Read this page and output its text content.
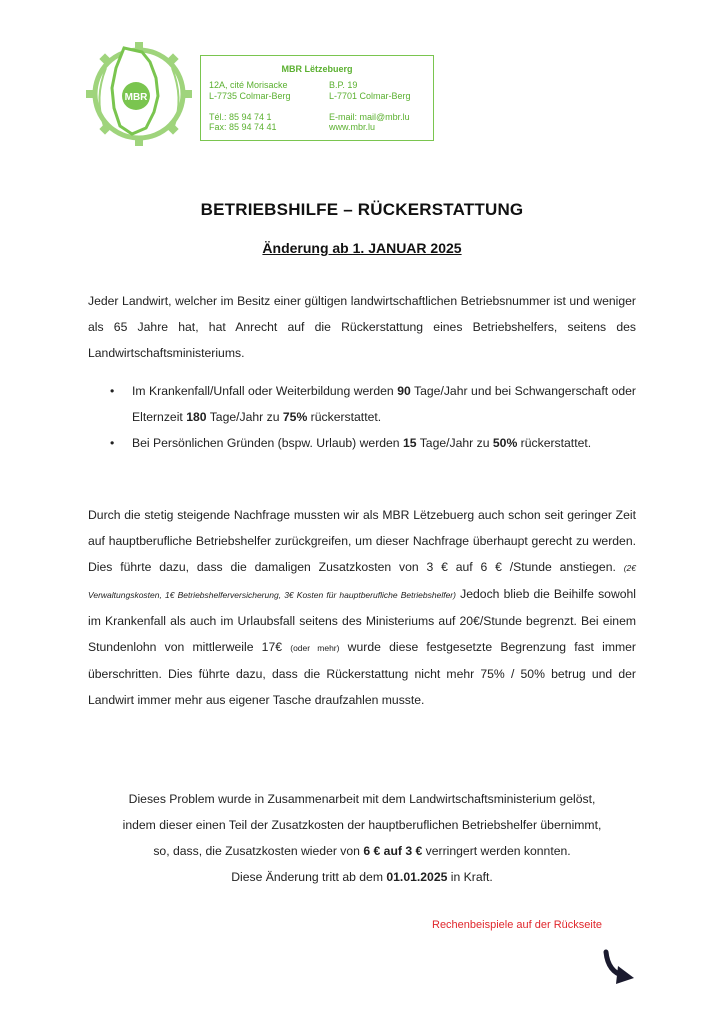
MBR
MBR Lëtzebuerg
12A, cité Morisacke
L-7735 Colmar-Berg

Tél.: 85 94 74 1
Fax: 85 94 74 41
B.P. 19
L-7701 Colmar-Berg

E-mail: mail@mbr.lu
www.mbr.lu
BETRIEBSHILFE – RÜCKERSTATTUNG
Änderung ab 1. JANUAR 2025
Jeder Landwirt, welcher im Besitz einer gültigen landwirtschaftlichen Betriebsnummer ist und weniger als 65 Jahre hat, hat Anrecht auf die Rückerstattung eines Betriebshelfers, seitens des Landwirtschaftsministeriums.
• Im Krankenfall/Unfall oder Weiterbildung werden 90 Tage/Jahr und bei Schwangerschaft oder Elternzeit 180 Tage/Jahr zu 75% rückerstattet.
• Bei Persönlichen Gründen (bspw. Urlaub) werden 15 Tage/Jahr zu 50% rückerstattet.
Durch die stetig steigende Nachfrage mussten wir als MBR Lëtzebuerg auch schon seit geringer Zeit auf hauptberufliche Betriebshelfer zurückgreifen, um dieser Nachfrage überhaupt gerecht zu werden. Dies führte dazu, dass die damaligen Zusatzkosten von 3 € auf 6 € /Stunde anstiegen. (2€ Verwaltungskosten, 1€ Betriebshelferversicherung, 3€ Kosten für hauptberufliche Betriebshelfer) Jedoch blieb die Beihilfe sowohl im Krankenfall als auch im Urlaubsfall seitens des Ministeriums auf 20€/Stunde begrenzt. Bei einem Stundenlohn von mittlerweile 17€ (oder mehr) wurde diese festgesetzte Begrenzung fast immer überschritten. Dies führte dazu, dass die Rückerstattung nicht mehr 75% / 50% betrug und der Landwirt immer mehr aus eigener Tasche draufzahlen musste.
Dieses Problem wurde in Zusammenarbeit mit dem Landwirtschaftsministerium gelöst,
indem dieser einen Teil der Zusatzkosten der hauptberuflichen Betriebshelfer übernimmt,
so, dass, die Zusatzkosten wieder von 6 € auf 3 € verringert werden konnten.
Diese Änderung tritt ab dem 01.01.2025 in Kraft.
Rechenbeispiele auf der Rückseite
